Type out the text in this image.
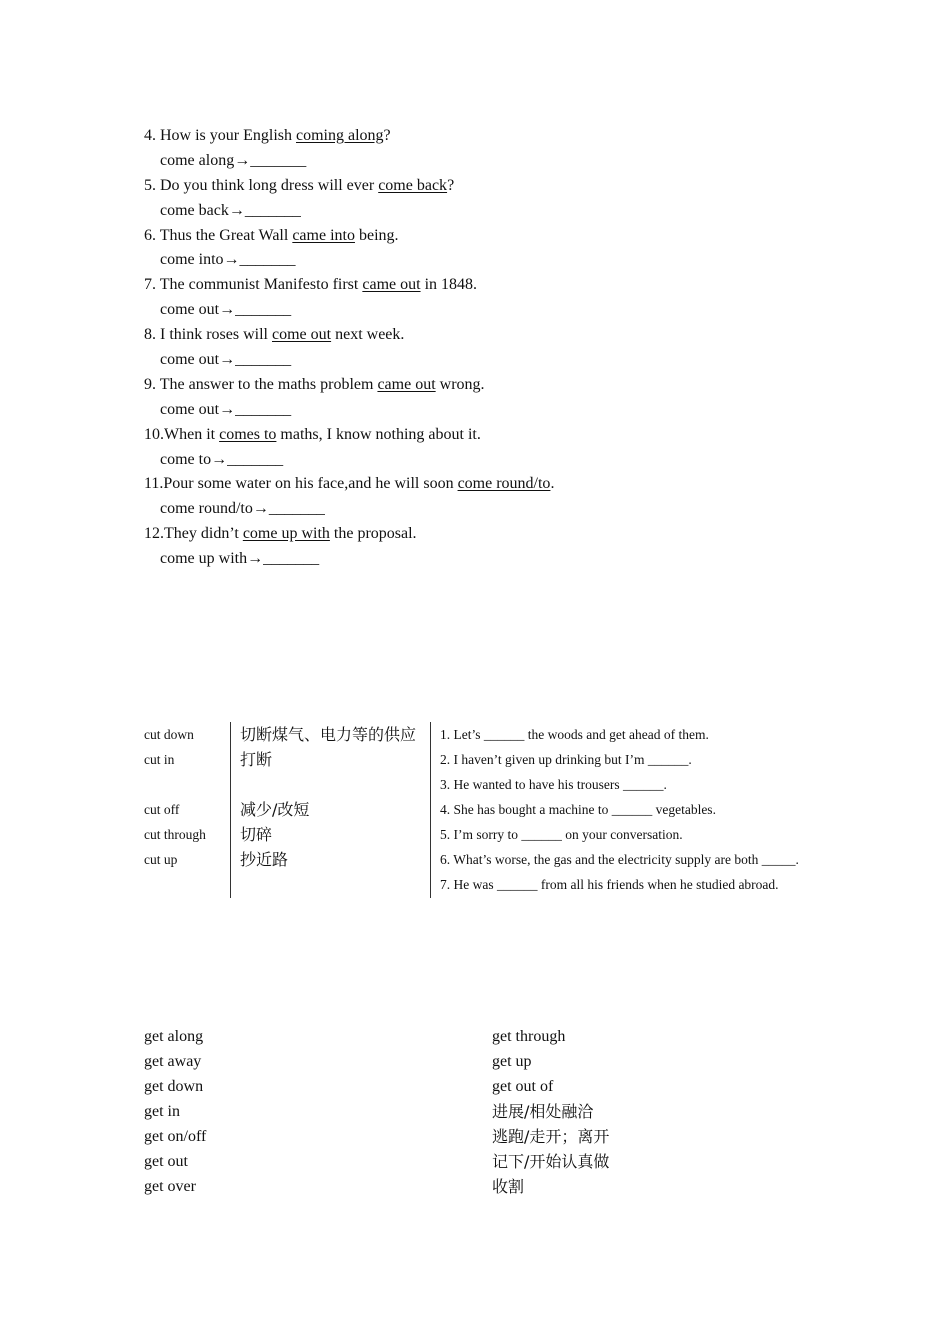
4. How is your English coming along?
come along→_______
5. Do you think long dress will ever come back?
come back→_______
6. Thus the Great Wall came into being.
come into→_______
7. The communist Manifesto first came out in 1848.
come out→_______
8. I think roses will come out next week.
come out→_______
9. The answer to the maths problem came out wrong.
come out→_______
10.When it comes to maths, I know nothing about it.
come to→_______
11.Pour some water on his face,and he will soon come round/to.
come round/to→_______
12.They didn’t come up with the proposal.
come up with→_______
cut down
cut in
cut off
cut through
cut up
切断煤气、电力等的供应
打断
减少/改短
切碎
抄近路
1. Let’s ______ the woods and get ahead of them.
2. I haven’t given up drinking but I’m ______.
3. He wanted to have his trousers ______.
4. She has bought a machine to ______ vegetables.
5. I’m sorry to ______ on your conversation.
6. What’s worse, the gas and the electricity supply are both _____.
7. He was ______ from all his friends when he studied abroad.
get along
get away
get down
get in
get on/off
get out
get over
get through
get up
get out of
进展/相处融洽
逃跑/走开；离开
记下/开始认真做
收割
